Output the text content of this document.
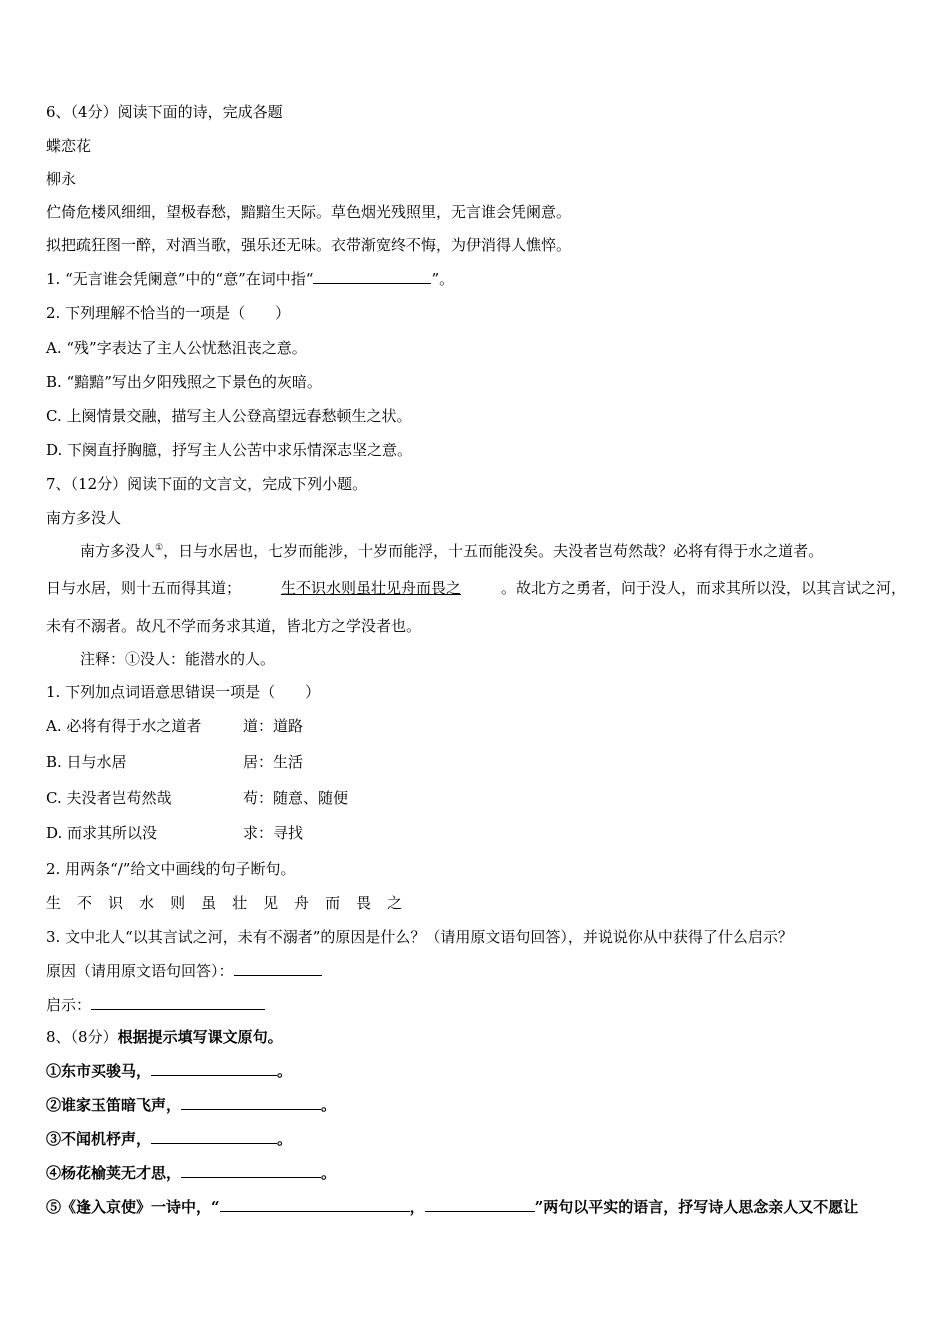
6、（4分）阅读下面的诗，完成各题
蝶恋花
柳永
伫倚危楼风细细，望极春愁，黯黯生天际。草色烟光残照里，无言谁会凭阑意。
拟把疏狂图一醉，对酒当歌，强乐还无味。衣带渐宽终不悔，为伊消得人憔悴。
1. “无言谁会凭阑意”中的“意”在词中指“	”。
2. 下列理解不恰当的一项是（　　）
A. “残”字表达了主人公忧愁沮丧之意。
B. “黯黯”写出夕阳残照之下景色的灰暗。
C. 上阕情景交融，描写主人公登高望远春愁顿生之状。
D. 下阕直抒胸臆，抒写主人公苦中求乐情深志坚之意。
7、（12分）阅读下面的文言文，完成下列小题。
南方多没人
南方多没人①，日与水居也，七岁而能涉，十岁而能浮，十五而能没矣。夫没者岂苟然哉？必将有得于水之道者。
日与水居，则十五而得其道；	生不识水则虽壮见舟而畏之	。故北方之勇者，问于没人，而求其所以没，以其言试之河，
未有不溺者。故凡不学而务求其道，皆北方之学没者也。
注释：①没人：能潜水的人。
1. 下列加点词语意思错误一项是（　　）
A. 必将有得于水之道者	道：道路
B. 日与水居	居：生活
C. 夫没者岂苟然哉	苟：随意、随便
D. 而求其所以没	求：寻找
2. 用两条“/”给文中画线的句子断句。
生 不 识 水 则 虽 壮 见 舟 而 畏 之
3. 文中北人“以其言试之河，未有不溺者”的原因是什么？（请用原文语句回答），并说说你从中获得了什么启示？
原因（请用原文语句回答）：
启示：
8、（8分）根据提示填写课文原句。
①东市买骏马，	。
②谁家玉笛暗飞声，	。
③不闻机杼声，	。
④杨花榆荚无才思，	。
⑤《逢入京使》一诗中，“	，	”两句以平实的语言，抒写诗人思念亲人又不愿让
